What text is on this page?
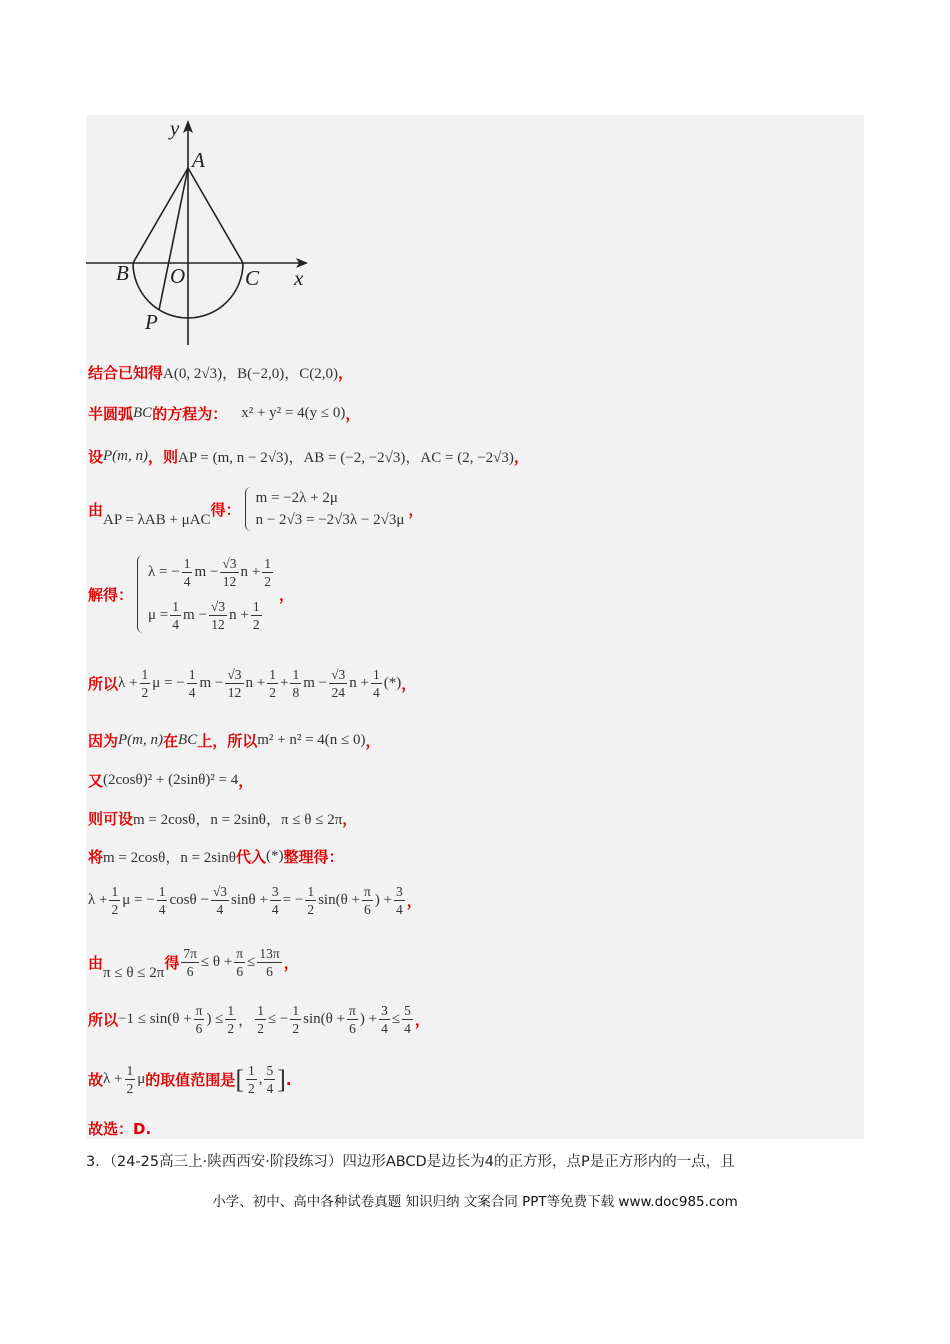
y
A
B O	C x
P
结合已知得 A(0, 2√3)，B(−2,0)，C(2,0) ，
半圆弧 BC 的方程为： x² + y² = 4(y ≤ 0) ，
设 P(m, n) ，则 AP = (m, n − 2√3)，AB = (−2, −2√3)，AC = (2, −2√3) ，
由
AP = λAB + μAC
得：
m = −2λ + 2μ
n − 2√3 = −2√3λ − 2√3μ
，
解得：
λ = − $\frac{1}{4}$ $m - \frac{√3}{12}$ $n + \frac{1}{2}$
$\mu = \frac{1}{4}$ $m - \frac{√3}{12}$ $n + \frac{1}{2}$
，
所以 $\lambda + \frac{1}{2}$ μ = − $\frac{1}{4}$ $m - \frac{√3}{12}$ $n + \frac{1}{2} + \frac{1}{8}$ $m - \frac{√3}{24}$ $n + \frac{1}{4}$ (*) ，
因为 P(m, n) 在 BC 上，所以 m² + n² = 4(n ≤ 0) ，
又 (2cosθ)² + (2sinθ)² = 4 ，
则可设 m = 2cosθ，n = 2sinθ，π ≤ θ ≤ 2π ，
将 m = 2cosθ，n = 2sinθ 代入 (*) 整理得：
$\lambda + \frac{1}{2}$ μ = − $\frac{1}{4}$ $\cos\theta - \frac{√3}{4}$ $\sin\theta + \frac{3}{4}$ = − $\frac{1}{2} \sin(\theta + \frac{\pi}{6}$ ) + $\frac{3}{4}$ ，
由
π ≤ θ ≤ 2π
得 $\frac{7\pi}{6} \le \theta + \frac{\pi}{6} \le \frac{13\pi}{6}$ ，
所以 $-1 \le \sin(\theta + \frac{\pi}{6}$ ) ≤ $\frac{1}{2}$ ， $\frac{1}{2}$ ≤ − $\frac{1}{2} \sin(\theta + \frac{\pi}{6}$ ) + $\frac{3}{4} \le \frac{5}{4}$ ，
故 $\lambda + \frac{1}{2}$ μ 的取值范围是 [ $\frac{1}{2}$ , $\frac{5}{4}$ ] .
故选：D.
3．（24-25高三上·陕西西安·阶段练习）四边形ABCD是边长为4的正方形，点P是正方形内的一点，且
小学、初中、高中各种试卷真题 知识归纳 文案合同 PPT等免费下载 www.doc985.com
